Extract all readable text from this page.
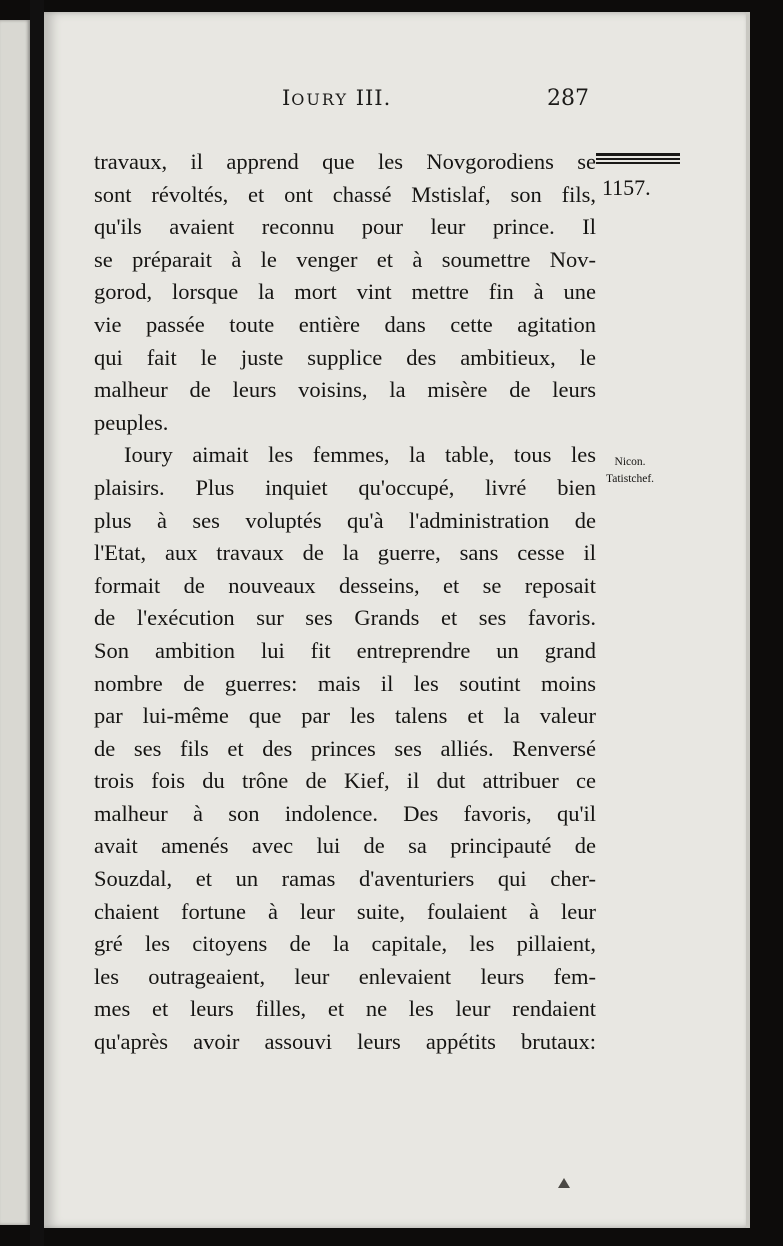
IOURY III.	287
1157.
Nicon.
Tatistchef.
travaux, il apprend que les Novgorodiens se
sont révoltés, et ont chassé Mstislaf, son fils,
qu'ils avaient reconnu pour leur prince. Il
se préparait à le venger et à soumettre Nov-
gorod, lorsque la mort vint mettre fin à une
vie passée toute entière dans cette agitation
qui fait le juste supplice des ambitieux, le
malheur de leurs voisins, la misère de leurs
peuples.
Ioury aimait les femmes, la table, tous les
plaisirs. Plus inquiet qu'occupé, livré bien
plus à ses voluptés qu'à l'administration de
l'Etat, aux travaux de la guerre, sans cesse il
formait de nouveaux desseins, et se reposait
de l'exécution sur ses Grands et ses favoris.
Son ambition lui fit entreprendre un grand
nombre de guerres: mais il les soutint moins
par lui-même que par les talens et la valeur
de ses fils et des princes ses alliés. Renversé
trois fois du trône de Kief, il dut attribuer ce
malheur à son indolence. Des favoris, qu'il
avait amenés avec lui de sa principauté de
Souzdal, et un ramas d'aventuriers qui cher-
chaient fortune à leur suite, foulaient à leur
gré les citoyens de la capitale, les pillaient,
les outrageaient, leur enlevaient leurs fem-
mes et leurs filles, et ne les leur rendaient
qu'après avoir assouvi leurs appétits brutaux:
